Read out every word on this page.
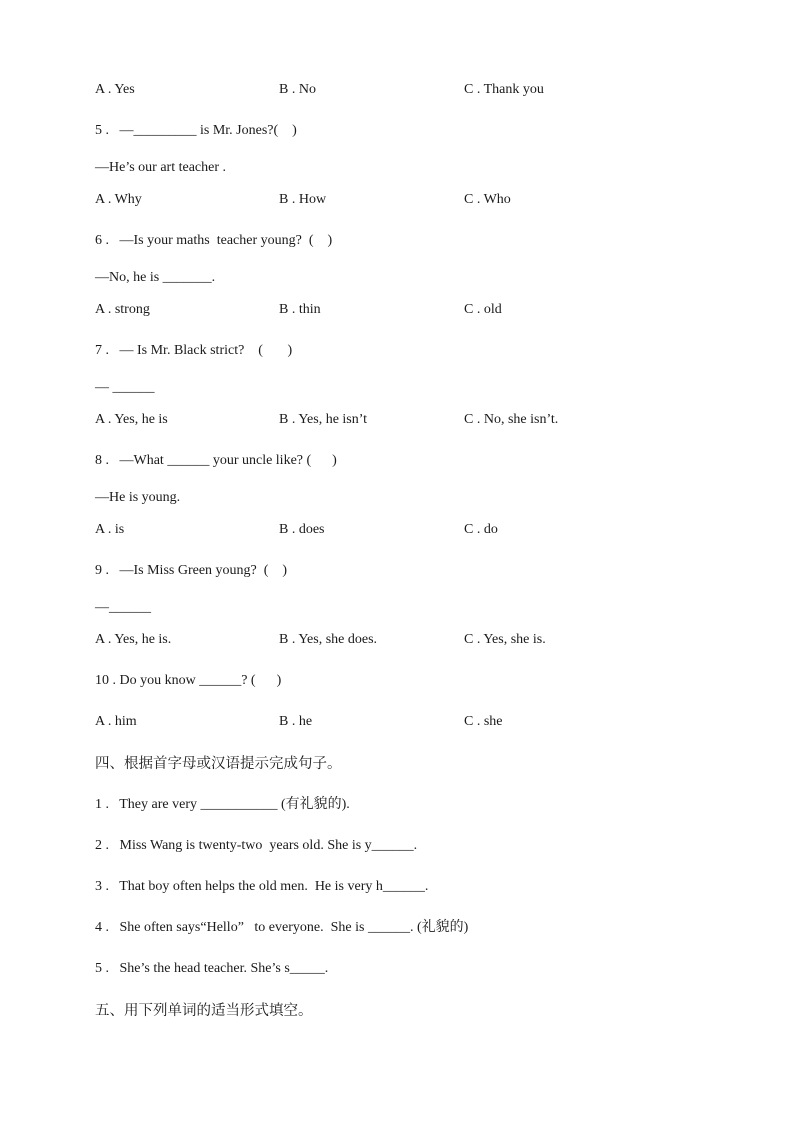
A . Yes	B . No	C . Thank you
5 .   —_________ is Mr. Jones?(    )
—He’s our art teacher .
A . Why	B . How	C . Who
6 .   —Is your maths  teacher young?  (    )
—No, he is _______.
A . strong	B . thin	C . old
7 .   — Is Mr. Black strict?    (       )
— ______
A . Yes, he is	B . Yes, he isn’t	C . No, she isn’t.
8 .   —What ______ your uncle like? (      )
—He is young.
A . is	B . does	C . do
9 .   —Is Miss Green young?  (    )
—______
A . Yes, he is.	B . Yes, she does.	C . Yes, she is.
10 . Do you know ______? (      )
A . him	B . he	C . she
四、根据首字母或汉语提示完成句子。
1 .   They are very ___________ (有礼貌的).
2 .   Miss Wang is twenty-two  years old. She is y______.
3 .   That boy often helps the old men.  He is very h______.
4 .   She often says“Hello”   to everyone.  She is ______. (礼貌的)
5 .   She’s the head teacher. She’s s_____.
五、用下列单词的适当形式填空。
